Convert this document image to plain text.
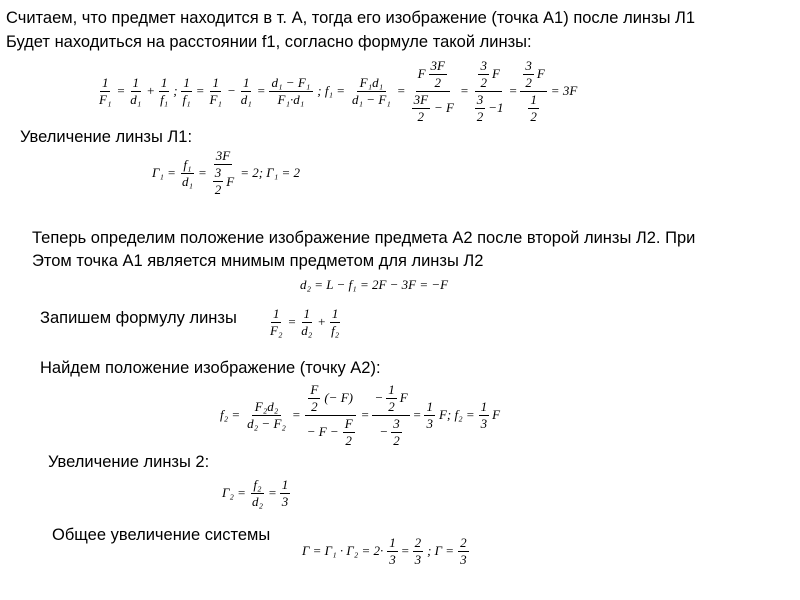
Считаем, что предмет находится в т. А, тогда его изображение (точка А1) после линзы Л1
Будет находиться на расстоянии f1, согласно формуле такой линзы:
$\frac{1}{\text{F₁}} = \frac{1}{\text{d₁}} + \frac{1}{\text{f₁}}$ ; $\frac{1}{\text{f₁}} = \frac{1}{\text{F₁}} - \frac{1}{\text{d₁}} = \frac{\text{d₁ − F₁}}{\text{F₁·d₁}}$ ; $f_1 = \frac{\text{F₁d₁}}{\text{d₁ − F₁}} = \frac{F \frac{3F}{2}}{\frac{3F}{2} - F} = \frac{\frac{3}{2} F}{\frac{3}{2} -1} = \frac{\frac{3}{2} F}{\frac{1}{2}} = 3F$
Увеличение линзы Л1:
$\Gamma_1 = \frac{\text{f₁}}{\text{d₁}} = \frac{3F}{\frac{3}{2} F} = 2$; Γ₁ = 2
Теперь определим положение изображение предмета А2 после второй линзы Л2. При
Этом точка А1 является мнимым предметом для линзы Л2
d₂ = L − f₁ = 2F − 3F = −F
Запишем формулу линзы $\frac{1}{\text{F₂}} = \frac{1}{\text{d₂}} + \frac{1}{\text{f₂}}$
Найдем положение изображение (точку А2):
$f_2 = \frac{\text{F₂d₂}}{\text{d₂ − F₂}} = \frac{\frac{F}{2} (- F)}{- F - \frac{F}{2}} = \frac{- \frac{1}{2} F}{- \frac{3}{2}} = \frac{1}{3} F$; $f_2 = \frac{1}{3}$ F
Увеличение линзы 2:
$\Gamma_2 = \frac{\text{f₂}}{\text{d₂}} = \frac{1}{3}$
Общее увеличение системы
$\Gamma = \Gamma_1 \cdot \Gamma_2 = 2\cdot \frac{1}{3} = \frac{2}{3}$ ; $\Gamma = \frac{2}{3}$
